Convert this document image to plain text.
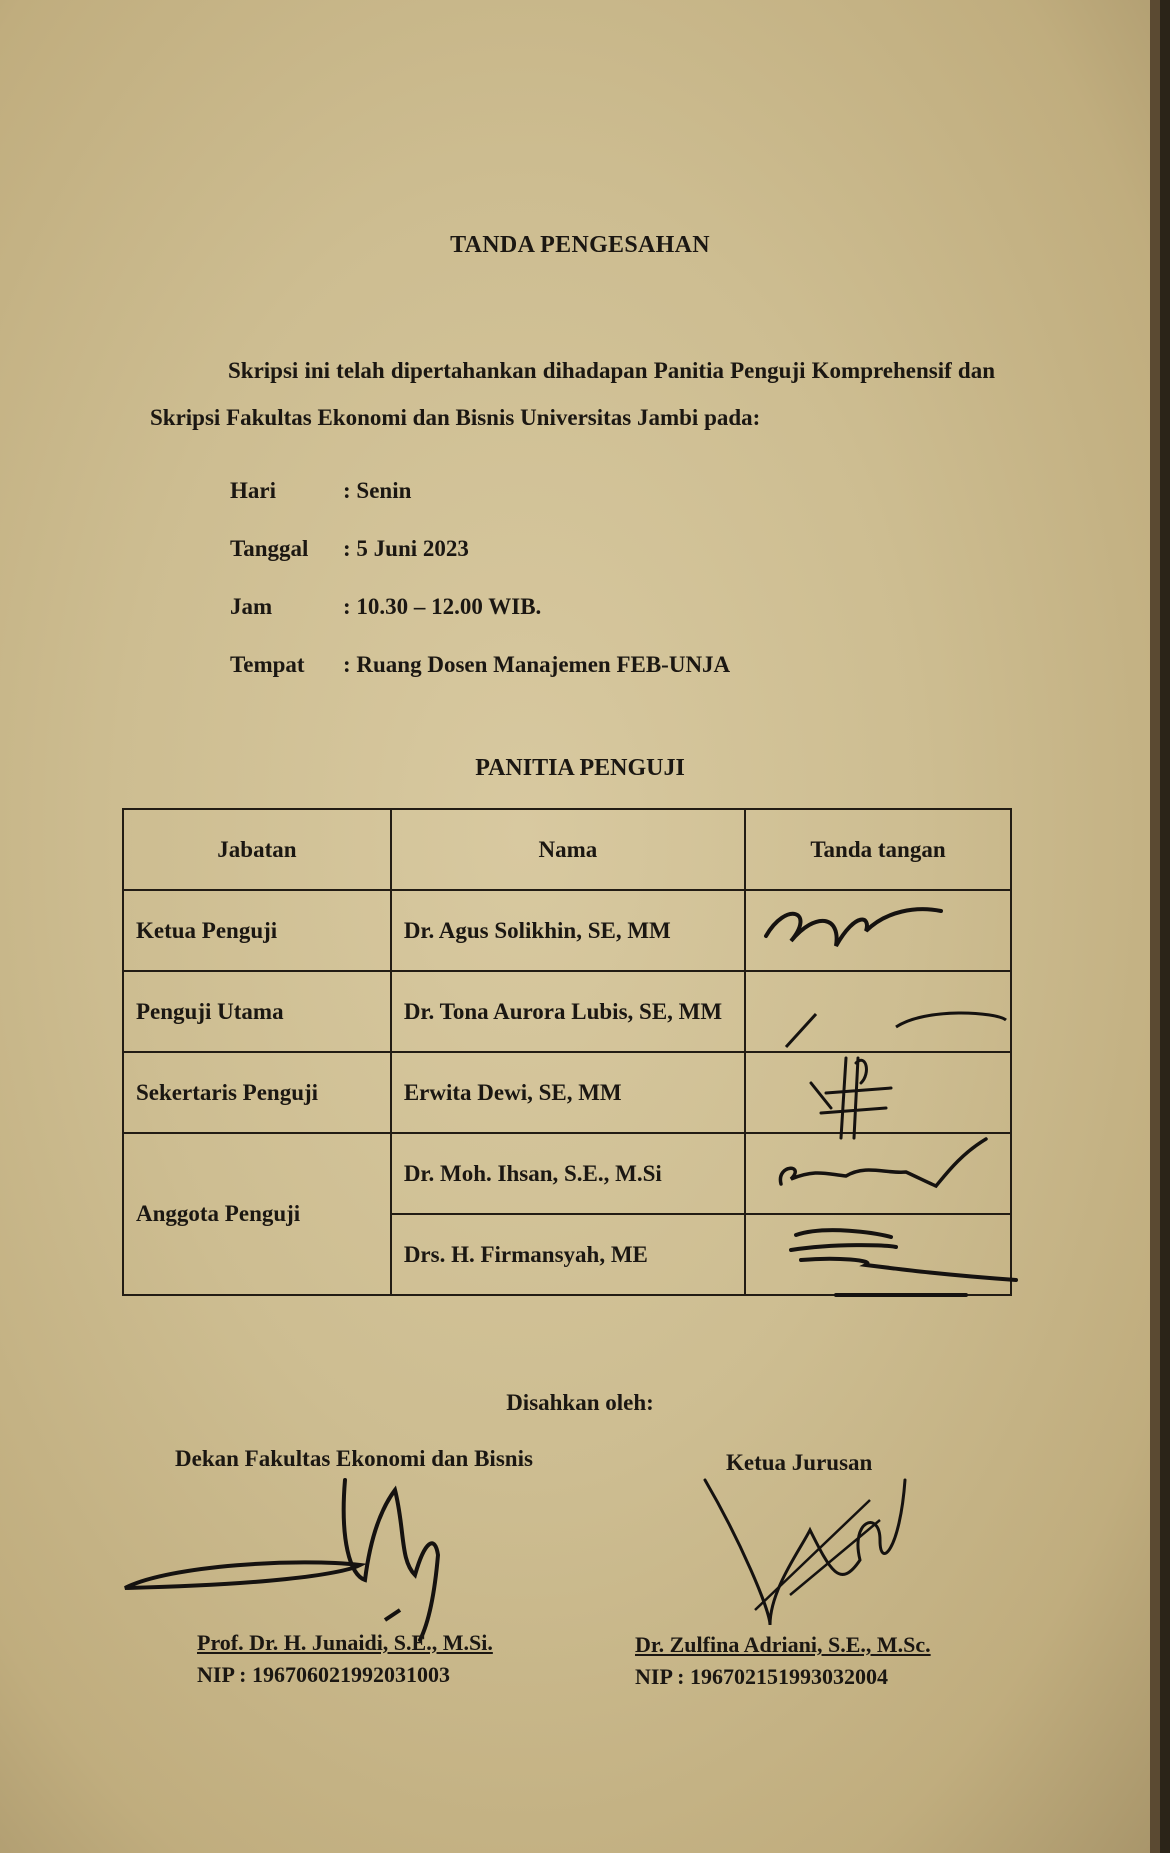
TANDA PENGESAHAN
Skripsi ini telah dipertahankan dihadapan Panitia Penguji Komprehensif dan Skripsi Fakultas Ekonomi dan Bisnis Universitas Jambi pada:
Hari	: Senin
Tanggal	: 5 Juni 2023
Jam	: 10.30 – 12.00 WIB.
Tempat	: Ruang Dosen Manajemen FEB-UNJA
PANITIA PENGUJI
Jabatan	Nama	Tanda tangan
Ketua Penguji	Dr. Agus Solikhin, SE, MM	

Penguji Utama	Dr. Tona Aurora Lubis, SE, MM	

Sekertaris Penguji	Erwita Dewi, SE, MM	

Anggota Penguji	Dr. Moh. Ihsan, S.E., M.Si	

	Drs. H. Firmansyah, ME	
Disahkan oleh:
Dekan Fakultas Ekonomi dan Bisnis	Ketua Jurusan
Prof. Dr. H. Junaidi, S.E., M.Si.
NIP : 196706021992031003
Dr. Zulfina Adriani, S.E., M.Sc.
NIP : 196702151993032004
